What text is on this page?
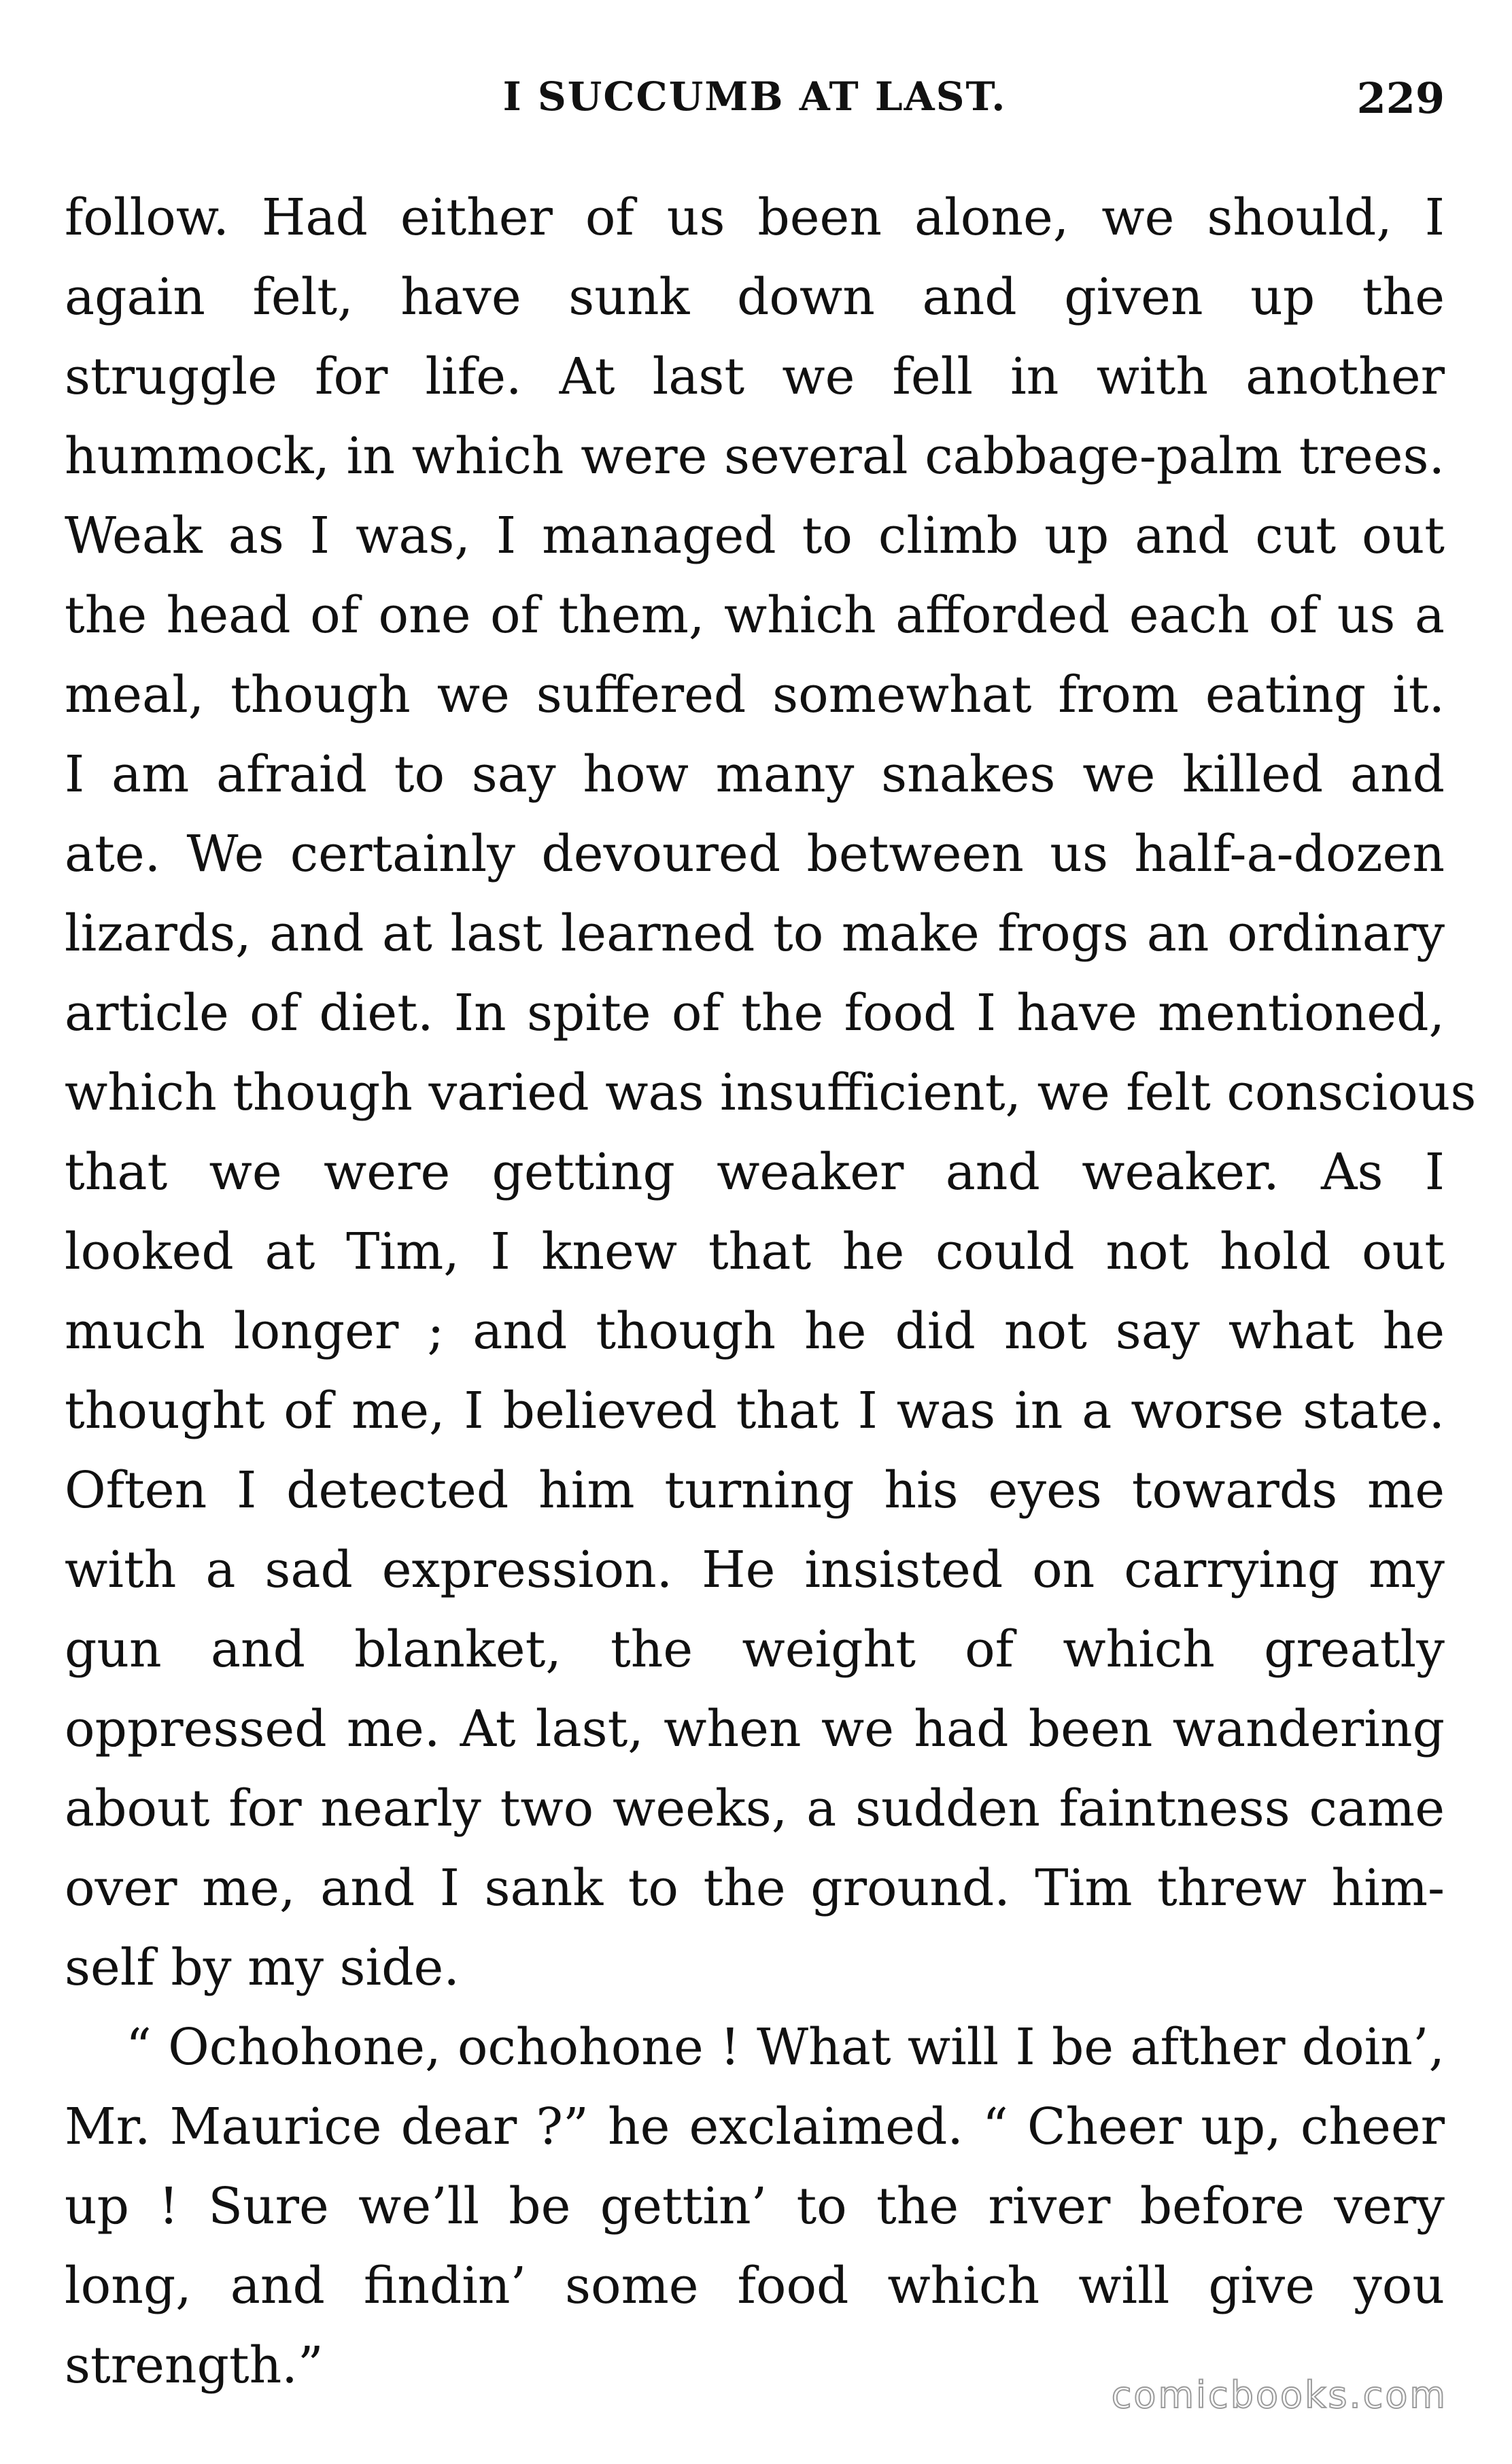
I SUCCUMB AT LAST.	229
follow. Had either of us been alone, we should, I
again felt, have sunk down and given up the
struggle for life. At last we fell in with another
hummock, in which were several cabbage-palm trees.
Weak as I was, I managed to climb up and cut out
the head of one of them, which afforded each of us a
meal, though we suffered somewhat from eating it.
I am afraid to say how many snakes we killed and
ate. We certainly devoured between us half-a-dozen
lizards, and at last learned to make frogs an ordinary
article of diet. In spite of the food I have mentioned,
which though varied was insufficient, we felt conscious
that we were getting weaker and weaker. As I
looked at Tim, I knew that he could not hold out
much longer ; and though he did not say what he
thought of me, I believed that I was in a worse state.
Often I detected him turning his eyes towards me
with a sad expression. He insisted on carrying my
gun and blanket, the weight of which greatly
oppressed me. At last, when we had been wandering
about for nearly two weeks, a sudden faintness came
over me, and I sank to the ground. Tim threw him-
self by my side.
“ Ochohone, ochohone ! What will I be afther doin’,
Mr. Maurice dear ?” he exclaimed. “ Cheer up, cheer
up ! Sure we’ll be gettin’ to the river before very
long, and findin’ some food which will give you
strength.”
comicbooks.com
